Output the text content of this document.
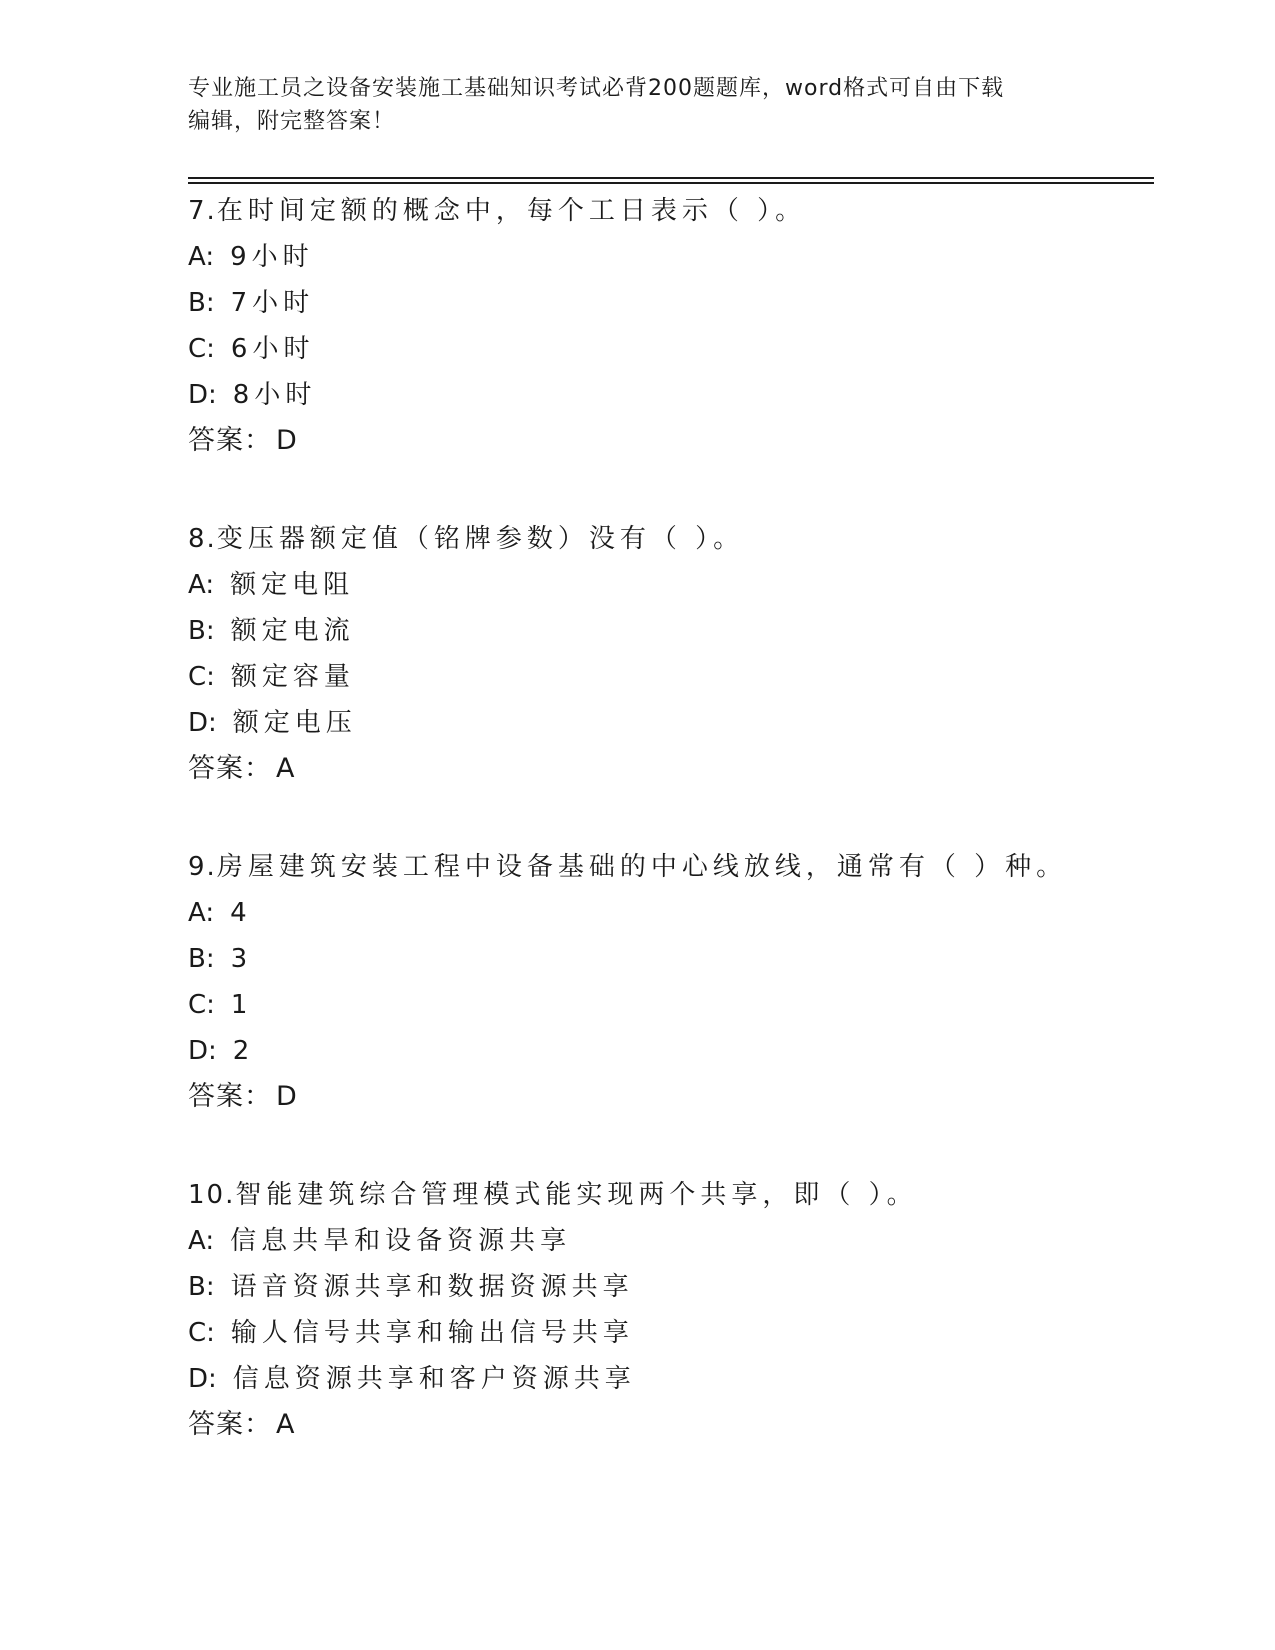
专业施工员之设备安装施工基础知识考试必背200题题库，word格式可自由下载
编辑，附完整答案！
7.在时间定额的概念中，每个工日表示（ ）。
A: 9小时
B: 7小时
C: 6小时
D: 8小时
答案： D
8.变压器额定值（铭牌参数）没有（ ）。
A: 额定电阻
B: 额定电流
C: 额定容量
D: 额定电压
答案： A
9.房屋建筑安装工程中设备基础的中心线放线，通常有（ ）种。
A: 4
B: 3
C: 1
D: 2
答案： D
10.智能建筑综合管理模式能实现两个共享，即（ ）。
A: 信息共旱和设备资源共享
B: 语音资源共享和数据资源共享
C: 输人信号共享和输出信号共享
D: 信息资源共享和客户资源共享
答案： A
